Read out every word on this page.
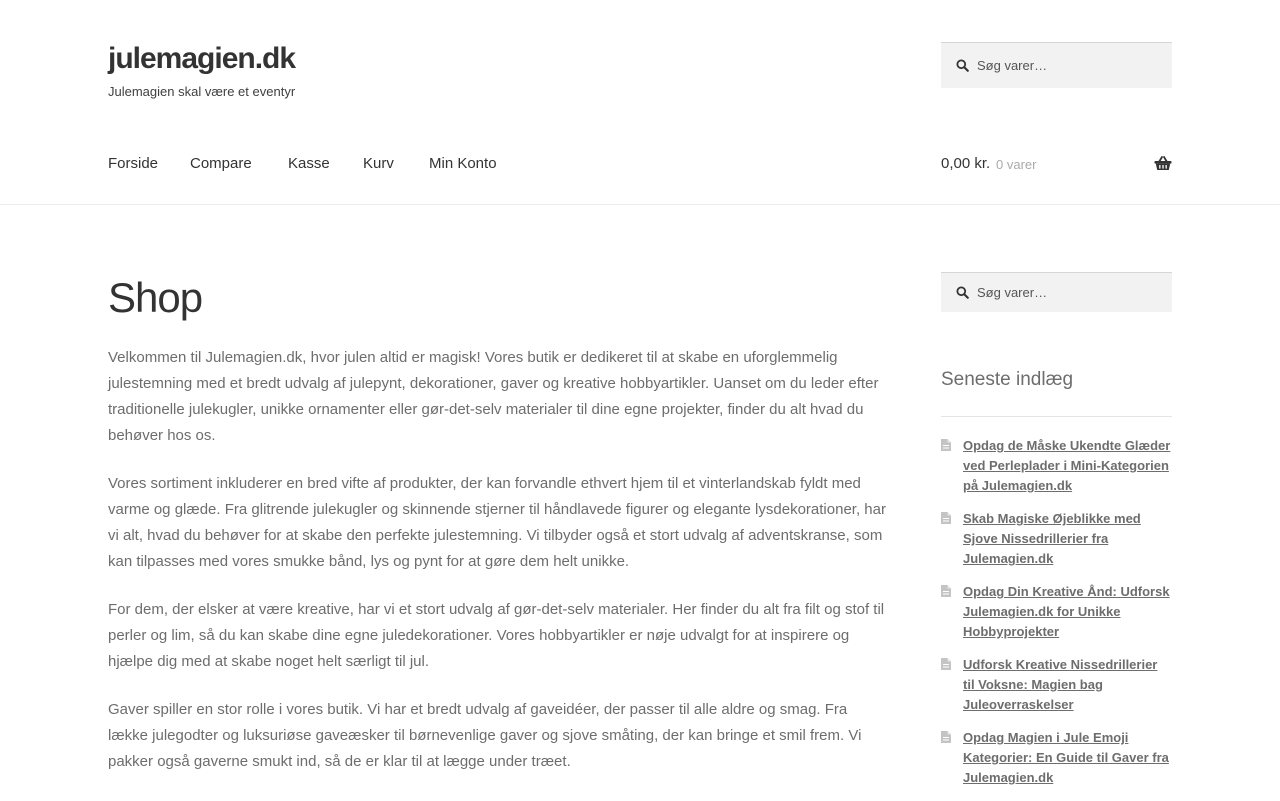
julemagien.dk
Julemagien skal være et eventyr
Søg varer…
Forside Compare Kasse Kurv Min Konto	0,00 kr. 0 varer
Shop

Velkommen til Julemagien.dk, hvor julen altid er magisk! Vores butik er dedikeret til at skabe en uforglemmelig julestemning med et bredt udvalg af julepynt, dekorationer, gaver og kreative hobbyartikler. Uanset om du leder efter traditionelle julekugler, unikke ornamenter eller gør-det-selv materialer til dine egne projekter, finder du alt hvad du behøver hos os.

Vores sortiment inkluderer en bred vifte af produkter, der kan forvandle ethvert hjem til et vinterlandskab fyldt med varme og glæde. Fra glitrende julekugler og skinnende stjerner til håndlavede figurer og elegante lysdekorationer, har vi alt, hvad du behøver for at skabe den perfekte julestemning. Vi tilbyder også et stort udvalg af adventskranse, som kan tilpasses med vores smukke bånd, lys og pynt for at gøre dem helt unikke.

For dem, der elsker at være kreative, har vi et stort udvalg af gør-det-selv materialer. Her finder du alt fra filt og stof til perler og lim, så du kan skabe dine egne juledekorationer. Vores hobbyartikler er nøje udvalgt for at inspirere og hjælpe dig med at skabe noget helt særligt til jul.

Gaver spiller en stor rolle i vores butik. Vi har et bredt udvalg af gaveidéer, der passer til alle aldre og smag. Fra lække julegodter og luksuriøse gaveæsker til børnevenlige gaver og sjove småting, der kan bringe et smil frem. Vi pakker også gaverne smukt ind, så de er klar til at lægge under træet.

Søg varer…
Seneste indlæg
Opdag de Måske Ukendte Glæder ved Perleplader i Mini-Kategorien på Julemagien.dk
Skab Magiske Øjeblikke med Sjove Nissedrillerier fra Julemagien.dk
Opdag Din Kreative Ånd: Udforsk Julemagien.dk for Unikke Hobbyprojekter
Udforsk Kreative Nissedrillerier til Voksne: Magien bag Juleoverraskelser
Opdag Magien i Jule Emoji Kategorier: En Guide til Gaver fra Julemagien.dk
